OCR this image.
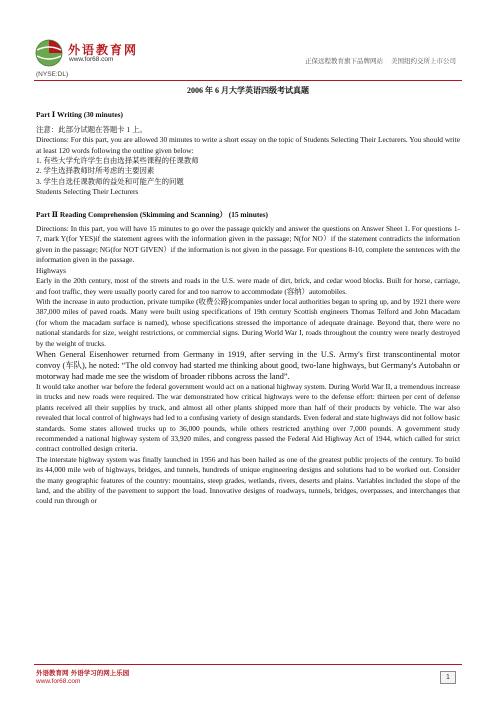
外语教育网
www.for68.com
(NYSE:DL)
正保远程教育旗下品牌网站 美国纽约交所上市公司
2006 年 6 月大学英语四级考试真题
Part Ⅰ Writing (30 minutes)

注意：此部分试题在答题卡 1 上。

Directions: For this part, you are allowed 30 minutes to write a short essay on the topic of Students Selecting Their Lecturers. You should write at least 120 words following the outline given below:

1. 有些大学允许学生自由选择某些课程的任课教师

2. 学生选择教师时所考虑的主要因素

3. 学生自选任课教师的益处和可能产生的问题

Students Selecting Their Lecturers

Part Ⅱ Reading Comprehension (Skimming and Scanning） (15 minutes)

Directions: In this part, you will have 15 minutes to go over the passage quickly and answer the questions on Answer Sheet 1. For questions 1-7, mark Y(for YES)if the statement agrees with the information given in the passage; N(for NO）if the statement contradicts the information given in the passage; NG(for NOT GIVEN）if the information is not given in the passage. For questions 8-10, complete the sentences with the information given in the passage.

Highways

Early in the 20th century, most of the streets and roads in the U.S. were made of dirt, brick, and cedar wood blocks. Built for horse, carriage, and foot traffic, they were usually poorly cared for and too narrow to accommodate (容纳）automobiles.

With the increase in auto production, private turnpike (收费公路)companies under local authorities began to spring up, and by 1921 there were 387,000 miles of paved roads. Many were built using specifications of 19th century Scottish engineers Thomas Telford and John Macadam (for whom the macadam surface is named), whose specifications stressed the importance of adequate drainage. Beyond that, there were no national standards for size, weight restrictions, or commercial signs. During World War I, roads throughout the country were nearly destroyed by the weight of trucks.

When General Eisenhower returned from Germany in 1919, after serving in the U.S. Army's first transcontinental motor convoy (车队), he noted: “The old convoy had started me thinking about good, two-lane highways, but Germany's Autobahn or motorway had made me see the wisdom of broader ribbons across the land”.

It would take another war before the federal government would act on a national highway system. During World War II, a tremendous increase in trucks and new roads were required. The war demonstrated how critical highways were to the defense effort: thirteen per cent of defense plants received all their supplies by truck, and almost all other plants shipped more than half of their products by vehicle. The war also revealed that local control of highways had led to a confusing variety of design standards. Even federal and state highways did not follow basic standards. Some states allowed trucks up to 36,000 pounds, while others restricted anything over 7,000 pounds. A government study recommended a national highway system of 33,920 miles, and congress passed the Federal Aid Highway Act of 1944, which called for strict contract controlled design criteria.

The interstate highway system was finally launched in 1956 and has been hailed as one of the greatest public projects of the century. To build its 44,000 mile web of highways, bridges, and tunnels, hundreds of unique engineering designs and solutions had to be worked out. Consider the many geographic features of the country: mountains, steep grades, wetlands, rivers, deserts and plains. Variables included the slope of the land, and the ability of the pavement to support the load. Innovative designs of roadways, tunnels, bridges, overpasses, and interchanges that could run through or

外语教育网 外语学习的网上乐园
www.for68.com
1
